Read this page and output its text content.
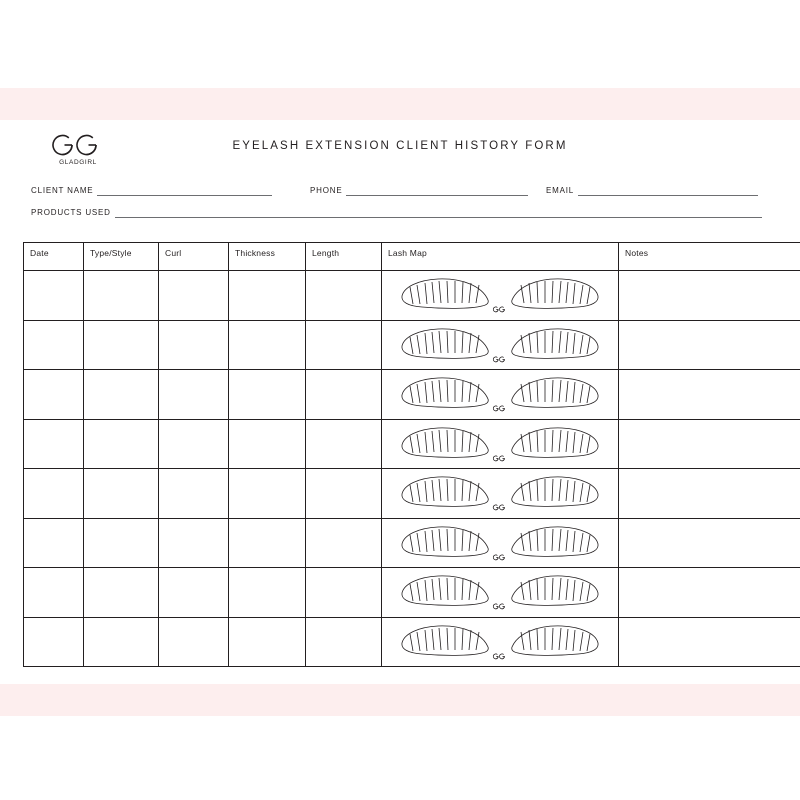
GLADGIRL
EYELASH EXTENSION CLIENT HISTORY FORM
CLIENT NAME	PHONE	EMAIL
PRODUCTS USED
Date	Type/Style	Curl	Thickness	Length	Lash Map	Notes
